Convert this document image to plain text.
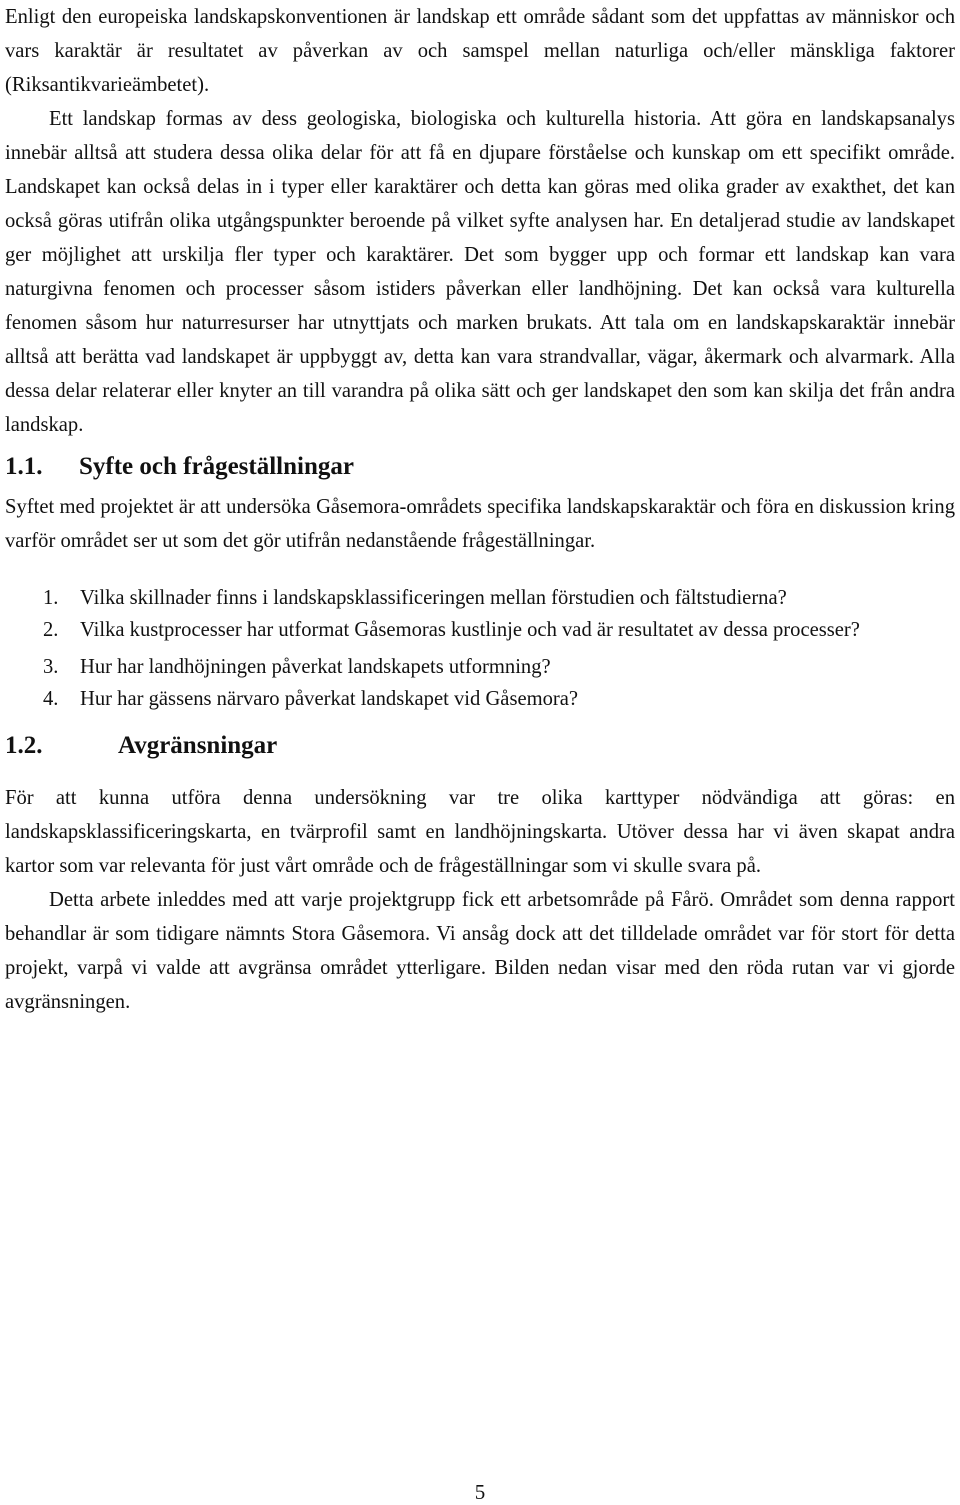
Enligt den europeiska landskapskonventionen är landskap ett område sådant som det uppfattas av människor och vars karaktär är resultatet av påverkan av och samspel mellan naturliga och/eller mänskliga faktorer (Riksantikvarieämbetet).

Ett landskap formas av dess geologiska, biologiska och kulturella historia. Att göra en landskapsanalys innebär alltså att studera dessa olika delar för att få en djupare förståelse och kunskap om ett specifikt område. Landskapet kan också delas in i typer eller karaktärer och detta kan göras med olika grader av exakthet, det kan också göras utifrån olika utgångspunkter beroende på vilket syfte analysen har. En detaljerad studie av landskapet ger möjlighet att urskilja fler typer och karaktärer. Det som bygger upp och formar ett landskap kan vara naturgivna fenomen och processer såsom istiders påverkan eller landhöjning. Det kan också vara kulturella fenomen såsom hur naturresurser har utnyttjats och marken brukats. Att tala om en landskapskaraktär innebär alltså att berätta vad landskapet är uppbyggt av, detta kan vara strandvallar, vägar, åkermark och alvarmark. Alla dessa delar relaterar eller knyter an till varandra på olika sätt och ger landskapet den som kan skilja det från andra landskap.

1.1.	Syfte och frågeställningar

Syftet med projektet är att undersöka Gåsemora-områdets specifika landskapskaraktär och föra en diskussion kring varför området ser ut som det gör utifrån nedanstående frågeställningar.

1.	Vilka skillnader finns i landskapsklassificeringen mellan förstudien och fältstudierna?
2.	Vilka kustprocesser har utformat Gåsemoras kustlinje och vad är resultatet av dessa processer?
3.	Hur har landhöjningen påverkat landskapets utformning?
4.	Hur har gässens närvaro påverkat landskapet vid Gåsemora?
1.2.	Avgränsningar

För att kunna utföra denna undersökning var tre olika karttyper nödvändiga att göras: en landskapsklassificeringskarta, en tvärprofil samt en landhöjningskarta. Utöver dessa har vi även skapat andra kartor som var relevanta för just vårt område och de frågeställningar som vi skulle svara på.

Detta arbete inleddes med att varje projektgrupp fick ett arbetsområde på Fårö. Området som denna rapport behandlar är som tidigare nämnts Stora Gåsemora. Vi ansåg dock att det tilldelade området var för stort för detta projekt, varpå vi valde att avgränsa området ytterligare. Bilden nedan visar med den röda rutan var vi gjorde avgränsningen.

5
